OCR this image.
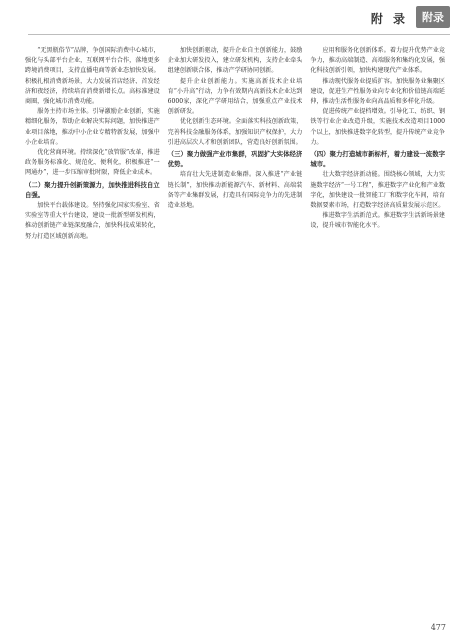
附 录	附录

“无黑瓶俗节”品牌，争创国际消费中心城市，强化与头部平台企业，互联网平台合作，落地更多跨境消费项目，支持直播电商等新业态加快发展。积极扎根消费新场景，大力发展首店经济、首发经济和夜经济，持续培育消费新增长点。高标准建设商圈，强化城市消费功能。

服务主持市场主体。引导激励企业创新，实施精细化服务，帮助企业解决实际问题，加快推进产业项目落地，推动中小企业专精特新发展，加强中小企业培育。

优化营商环境。持续深化“放管服”改革，推进政务服务标准化、规范化、便利化，积极推进“一网通办”，进一步压缩审批时限，降低企业成本。

（二）聚力提升创新策源力，加快推进科技自立自强。

加快平台载体建设。坚持强化国家实验室、省实验室等重大平台建设，建设一批新型研发机构，推动创新链产业链深度融合，加快科技成果转化，努力打造区域创新高地。

加快创新驱动，提升企业自主创新能力，鼓励企业加大研发投入，建立研发机构，支持企业牵头组建创新联合体，推动产学研协同创新。

提升企业创新能力。实施高新技术企业培育“小升高”行动，力争有效期内高新技术企业达到6000家，深化产学研用结合，加强重点产业技术创新研发。

优化创新生态环境。全面落实科技创新政策，完善科技金融服务体系，加强知识产权保护，大力引进高层次人才和创新团队，营造良好创新氛围。

（三）聚力做强产业市集群，巩固扩大实体经济优势。

培育壮大先进制造业集群。深入推进“产业链链长制”，加快推动新能源汽车、新材料、高端装备等产业集群发展，打造具有国际竞争力的先进制造业基地。

应用和服务化创新体系。着力提升优势产业竞争力，推动高端制造、高端服务和集约化发展，强化科技创新引领，加快构建现代产业体系。

推动现代服务业提质扩容。加快服务业集聚区建设，促进生产性服务业向专业化和价值链高端延伸，推动生活性服务业向高品质和多样化升级。

促进传统产业提档增效。引导化工、纺织、钢铁等行业企业改造升级，实施技术改造项目1000个以上，加快推进数字化转型，提升传统产业竞争力。

（四）聚力打造城市新标杆，着力建设一流数字城市。

壮大数字经济新动能。围绕核心领域，大力实施数字经济“一号工程”，推进数字产业化和产业数字化，加快建设一批智能工厂和数字化车间，培育数据要素市场，打造数字经济高质量发展示范区。

推进数字生活新范式。推进数字生活新场景建设，提升城市智能化水平。

477
